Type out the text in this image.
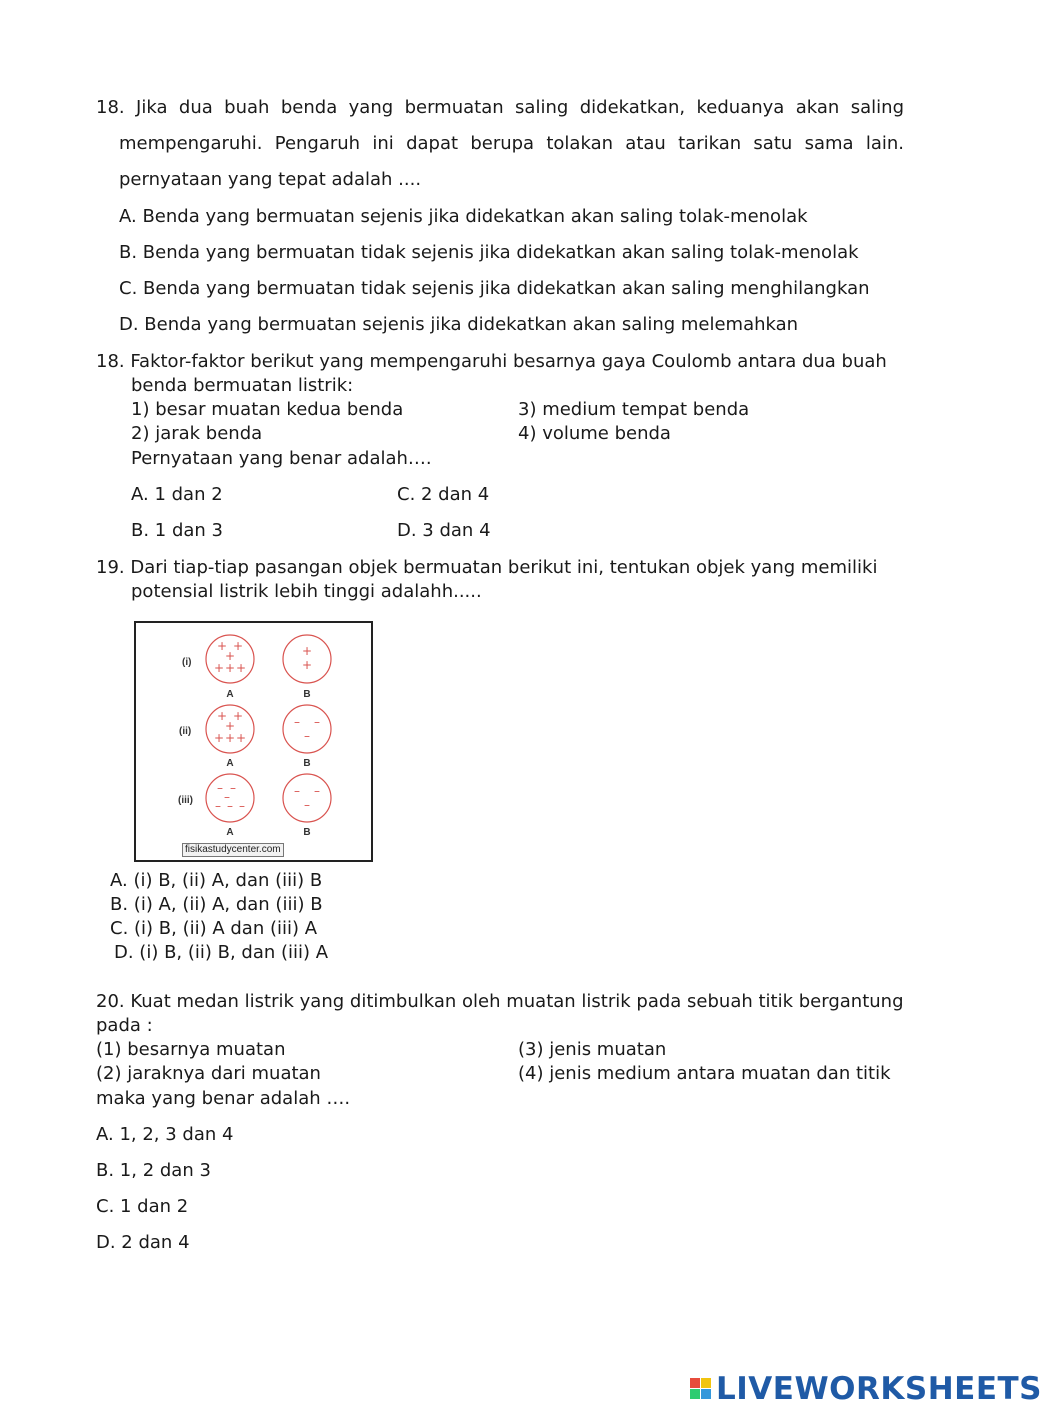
18. Jika dua buah benda yang bermuatan saling didekatkan, keduanya akan saling
mempengaruhi. Pengaruh ini dapat berupa tolakan atau tarikan satu sama lain.
pernyataan yang tepat adalah ....
A. Benda yang bermuatan sejenis jika didekatkan akan saling tolak-menolak
B. Benda yang bermuatan tidak sejenis jika didekatkan akan saling tolak-menolak
C. Benda yang bermuatan tidak sejenis jika didekatkan akan saling menghilangkan
D. Benda yang bermuatan sejenis jika didekatkan akan saling melemahkan
18. Faktor-faktor berikut yang mempengaruhi besarnya gaya Coulomb antara dua buah
benda bermuatan listrik:
1) besar muatan kedua benda
2) jarak benda
3) medium tempat benda
4) volume benda
Pernyataan yang benar adalah….
A. 1 dan 2
B. 1 dan 3
C. 2 dan 4
D. 3 dan 4
19. Dari tiap-tiap pasangan objek bermuatan berikut ini, tentukan objek yang memiliki
potensial listrik lebih tinggi adalahh.....
(i)
(ii)
(iii)
+ +
+
+ + +
+
+
+ +
+
+ + +
– –
–
– –
–
– – –
– –
–
A	B
A	B
A	B
fisikastudycenter.com
A. (i) B, (ii) A, dan (iii) B
B. (i) A, (ii) A, dan (iii) B
C. (i) B, (ii) A dan (iii) A
D. (i) B, (ii) B, dan (iii) A
20. Kuat medan listrik yang ditimbulkan oleh muatan listrik pada sebuah titik bergantung
pada :
(1) besarnya muatan
(2) jaraknya dari muatan
(3) jenis muatan
(4) jenis medium antara muatan dan titik
maka yang benar adalah ….
A. 1, 2, 3 dan 4
B. 1, 2 dan 3
C. 1 dan 2
D. 2 dan 4
LIVEWORKSHEETS
